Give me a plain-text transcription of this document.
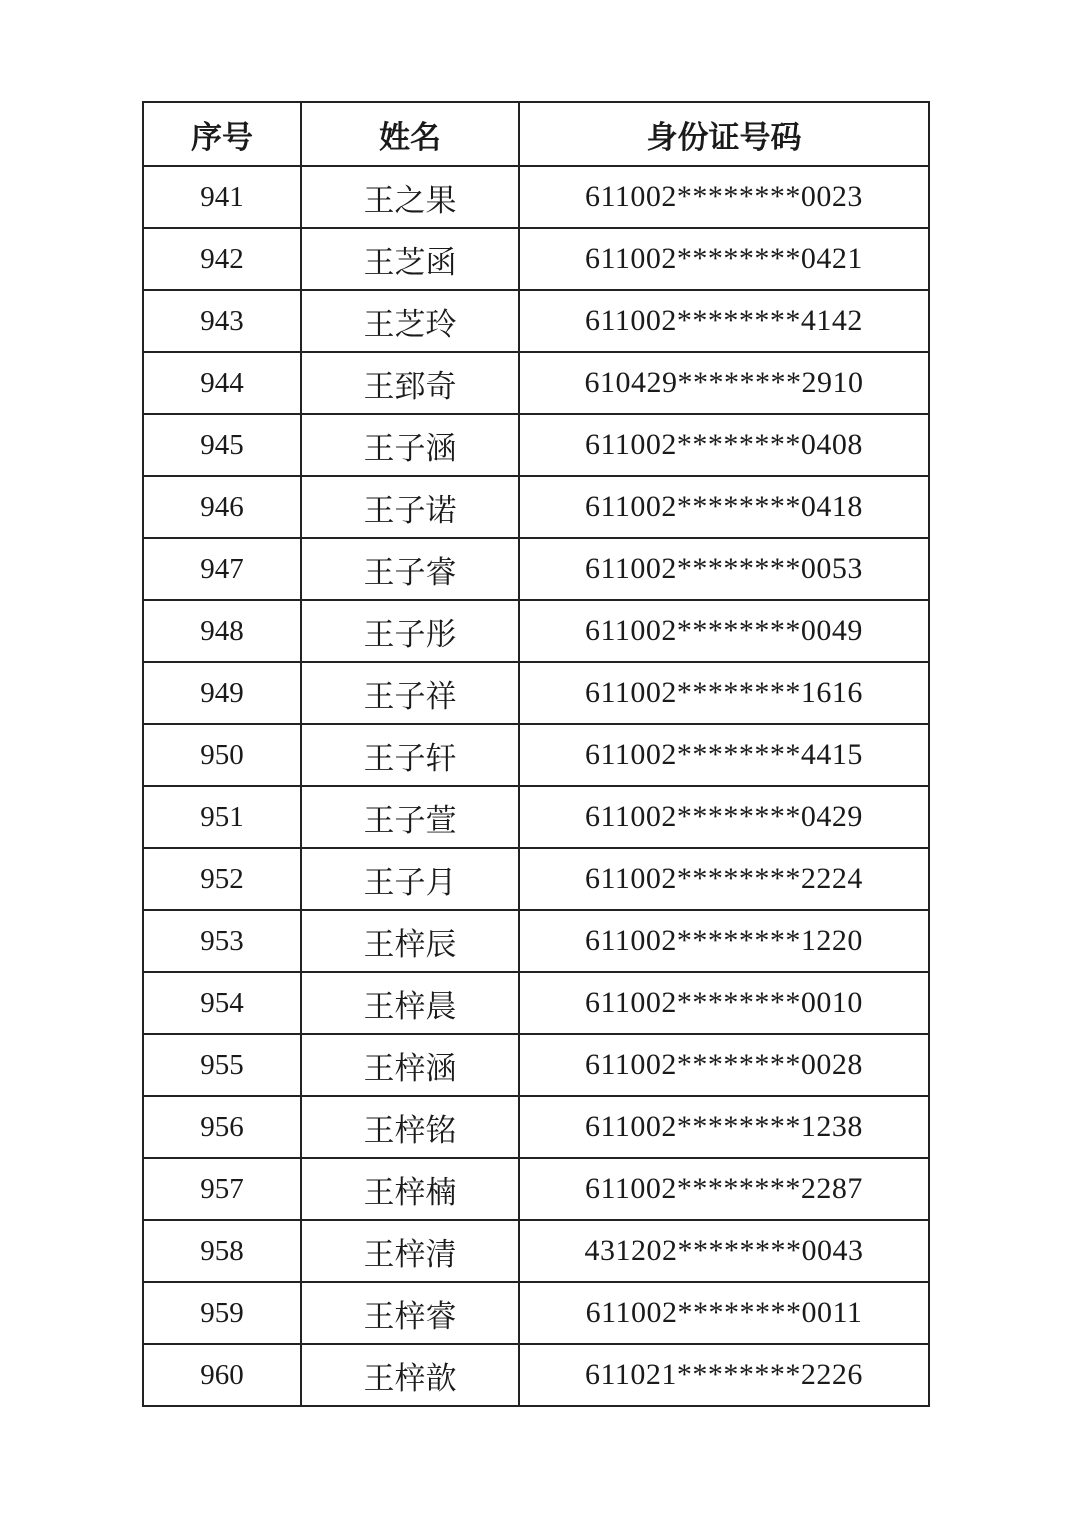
序号	姓名	身份证号码
941	王之果	611002********0023
942	王芝函	611002********0421
943	王芝玲	611002********4142
944	王郅奇	610429********2910
945	王子涵	611002********0408
946	王子诺	611002********0418
947	王子睿	611002********0053
948	王子彤	611002********0049
949	王子祥	611002********1616
950	王子轩	611002********4415
951	王子萱	611002********0429
952	王子月	611002********2224
953	王梓辰	611002********1220
954	王梓晨	611002********0010
955	王梓涵	611002********0028
956	王梓铭	611002********1238
957	王梓楠	611002********2287
958	王梓清	431202********0043
959	王梓睿	611002********0011
960	王梓歆	611021********2226
